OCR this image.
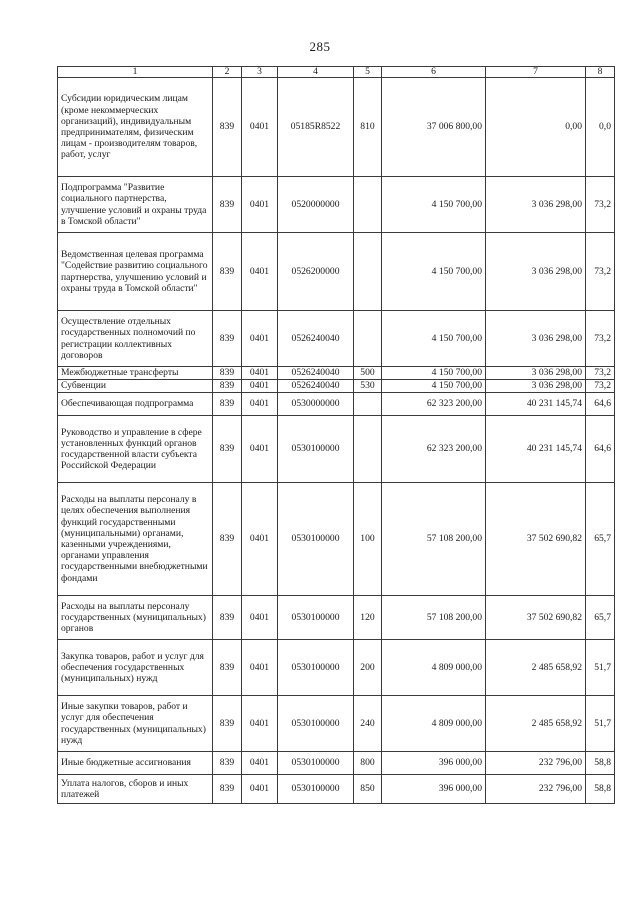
285
1	2	3	4	5	6	7	8
Субсидии юридическим лицам (кроме некоммерческих организаций), индивидуальным предпринимателям, физическим лицам - производителям товаров, работ, услуг	839	0401	05185R8522	810	37 006 800,00	0,00	0,0
Подпрограмма "Развитие социального партнерства, улучшение условий и охраны труда в Томской области"	839	0401	0520000000		4 150 700,00	3 036 298,00	73,2
Ведомственная целевая программа "Содействие развитию социального партнерства, улучшению условий и охраны труда в Томской области"	839	0401	0526200000		4 150 700,00	3 036 298,00	73,2
Осуществление отдельных государственных полномочий по регистрации коллективных договоров	839	0401	0526240040		4 150 700,00	3 036 298,00	73,2
Межбюджетные трансферты	839	0401	0526240040	500	4 150 700,00	3 036 298,00	73,2
Субвенции	839	0401	0526240040	530	4 150 700,00	3 036 298,00	73,2
Обеспечивающая подпрограмма	839	0401	0530000000		62 323 200,00	40 231 145,74	64,6
Руководство и управление в сфере установленных функций органов государственной власти субъекта Российской Федерации	839	0401	0530100000		62 323 200,00	40 231 145,74	64,6
Расходы на выплаты персоналу в целях обеспечения выполнения функций государственными (муниципальными) органами, казенными учреждениями, органами управления государственными внебюджетными фондами	839	0401	0530100000	100	57 108 200,00	37 502 690,82	65,7
Расходы на выплаты персоналу государственных (муниципальных) органов	839	0401	0530100000	120	57 108 200,00	37 502 690,82	65,7
Закупка товаров, работ и услуг для обеспечения государственных (муниципальных) нужд	839	0401	0530100000	200	4 809 000,00	2 485 658,92	51,7
Иные закупки товаров, работ и услуг для обеспечения государственных (муниципальных) нужд	839	0401	0530100000	240	4 809 000,00	2 485 658,92	51,7
Иные бюджетные ассигнования	839	0401	0530100000	800	396 000,00	232 796,00	58,8
Уплата налогов, сборов и иных платежей	839	0401	0530100000	850	396 000,00	232 796,00	58,8
